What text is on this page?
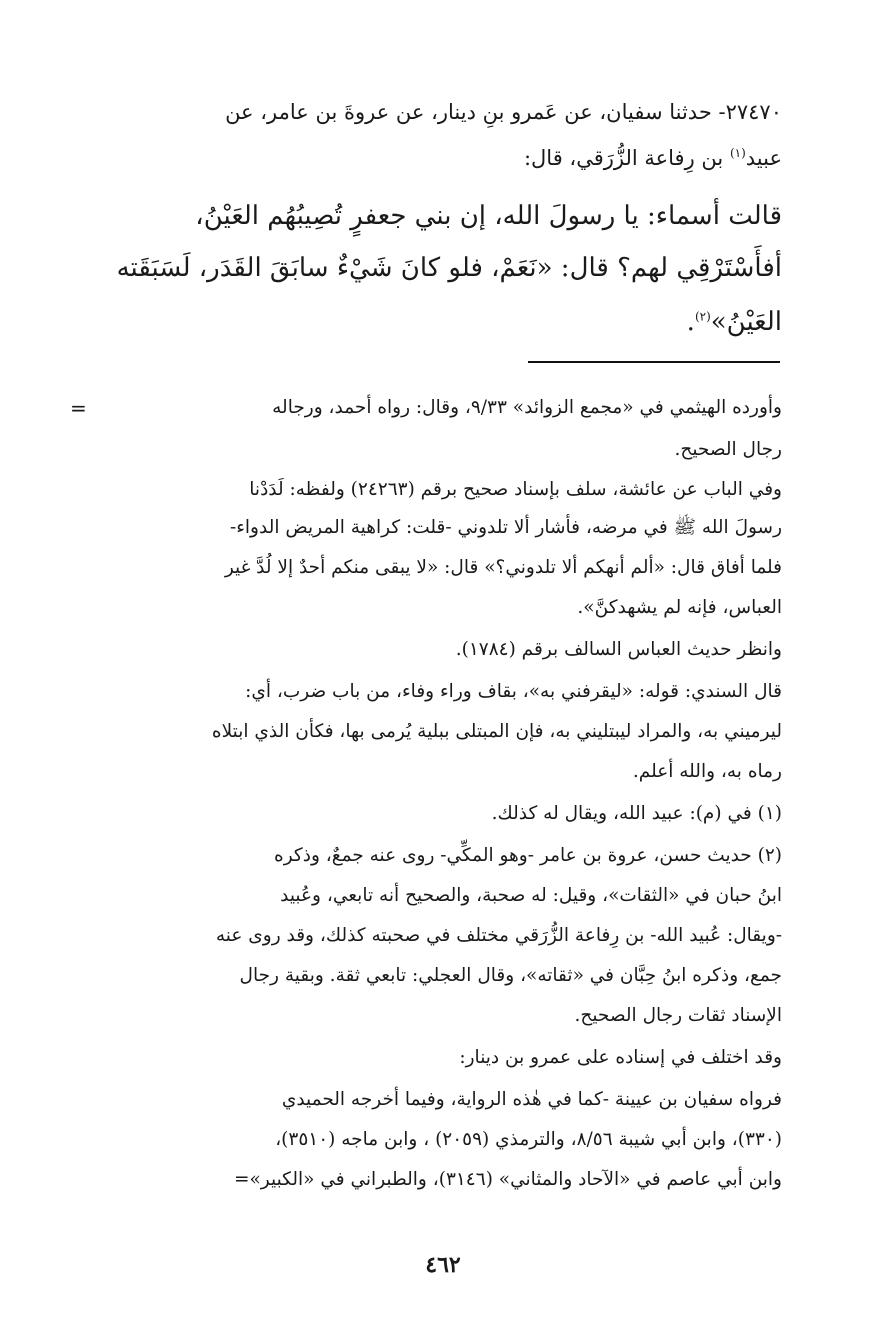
٢٧٤٧٠- حدثنا سفيان، عن عَمرو بنِ دينار، عن عروةَ بن عامر، عن
عبيد$^{(١)}$ بن رِفاعة الزُّرَقي، قال:
قالت أسماء: يا رسولَ الله، إن بني جعفرٍ تُصِيبُهُم العَيْنُ،
أفأَسْتَرْقِي لهم؟ قال: «نَعَمْ، فلو كانَ شَيْءٌ سابَقَ القَدَر، لَسَبَقَته
العَيْنُ»$^{(٢)}$.
=	وأورده الهيثمي في «مجمع الزوائد» ٩/٣٣، وقال: رواه أحمد، ورجاله
رجال الصحيح.
وفي الباب عن عائشة، سلف بإسناد صحيح برقم (٢٤٢٦٣) ولفظه: لَدَدْنا
رسولَ الله ﷺ في مرضه، فأشار ألا تلدوني -قلت: كراهية المريض الدواء-
فلما أفاق قال: «ألم أنهكم ألا تلدوني؟» قال: «لا يبقى منكم أحدٌ إلا لُدَّ غير
العباس، فإنه لم يشهدكنَّ».
وانظر حديث العباس السالف برقم (١٧٨٤).
قال السندي: قوله: «ليقرفني به»، بقاف وراء وفاء، من باب ضرب، أي:
ليرميني به، والمراد ليبتليني به، فإن المبتلى ببلية يُرمى بها، فكأن الذي ابتلاه
رماه به، والله أعلم.
(١) في (م): عبيد الله، ويقال له كذلك.
(٢) حديث حسن، عروة بن عامر -وهو المكِّي- روى عنه جمعٌ، وذكره
ابنُ حبان في «الثقات»، وقيل: له صحبة، والصحيح أنه تابعي، وعُبيد
-ويقال: عُبيد الله- بن رِفاعة الزُّرَقي مختلف في صحبته كذلك، وقد روى عنه
جمع، وذكره ابنُ حِبَّان في «ثقاته»، وقال العجلي: تابعي ثقة. وبقية رجال
الإسناد ثقات رجال الصحيح.
وقد اختلف في إسناده على عمرو بن دينار:
فرواه سفيان بن عيينة -كما في هٰذه الرواية، وفيما أخرجه الحميدي
(٣٣٠)، وابن أبي شيبة ٨/٥٦، والترمذي (٢٠٥٩) ، وابن ماجه (٣٥١٠)،
وابن أبي عاصم في «الآحاد والمثاني» (٣١٤٦)، والطبراني في «الكبير»=
٤٦٢
